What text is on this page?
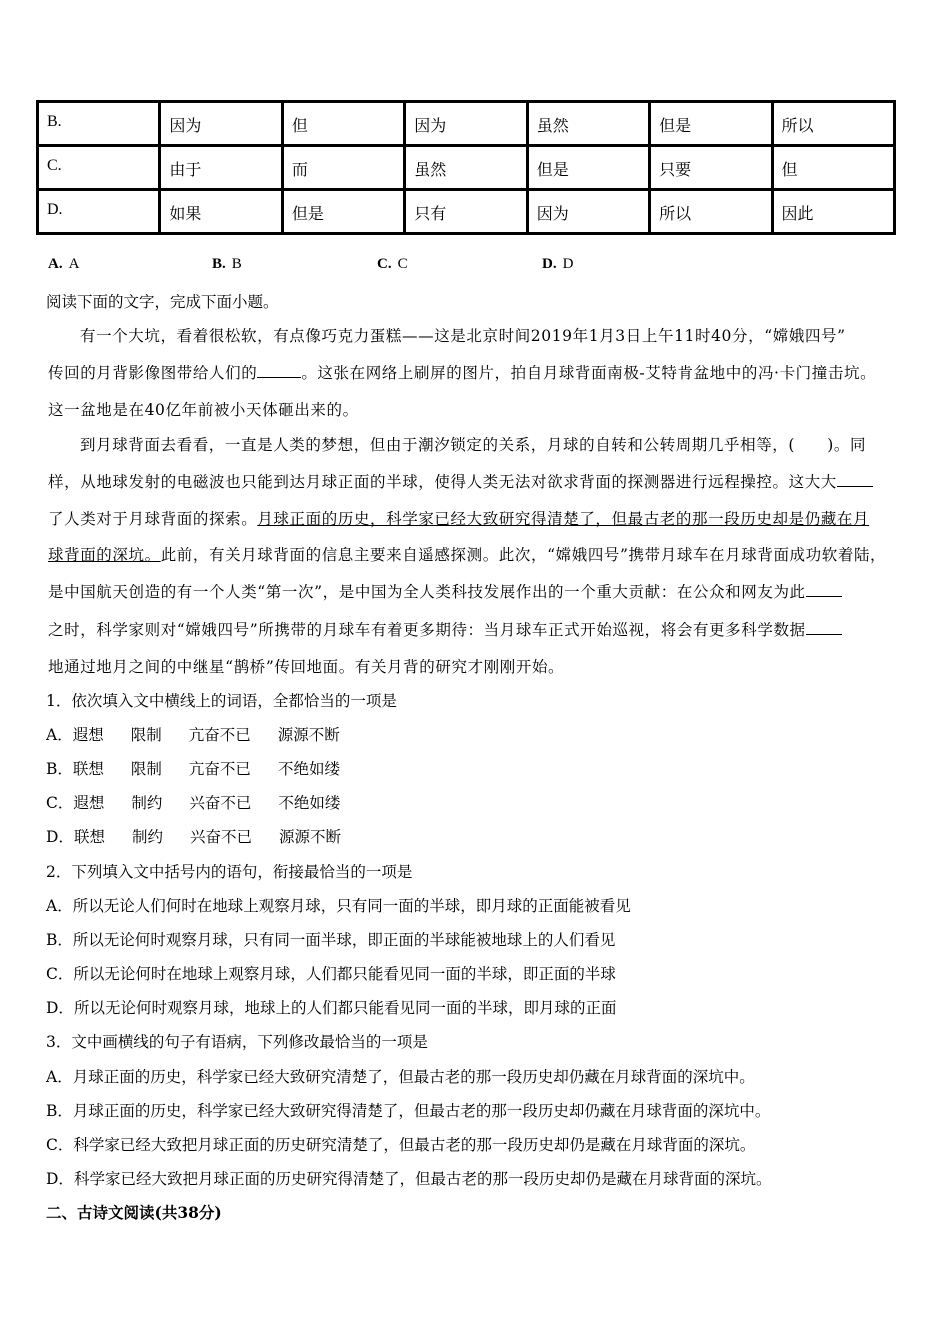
B.	因为	但	因为	虽然	但是	所以
C.	由于	而	虽然	但是	只要	但
D.	如果	但是	只有	因为	所以	因此
A. A	B. B	C. C	D. D
阅读下面的文字，完成下面小题。
有一个大坑，看着很松软，有点像巧克力蛋糕——这是北京时间2019年1月3日上午11时40分，“嫦娥四号”
传回的月背影像图带给人们的	。这张在网络上刷屏的图片，拍自月球背面南极-艾特肯盆地中的冯·卡门撞击坑。
这一盆地是在40亿年前被小天体砸出来的。
到月球背面去看看，一直是人类的梦想，但由于潮汐锁定的关系，月球的自转和公转周期几乎相等，(　　)。同
样，从地球发射的电磁波也只能到达月球正面的半球，使得人类无法对欲求背面的探测器进行远程操控。这大大
了人类对于月球背面的探索。月球正面的历史，科学家已经大致研究得清楚了，但最古老的那一段历史却是仍藏在月
球背面的深坑。此前，有关月球背面的信息主要来自遥感探测。此次，“嫦娥四号”携带月球车在月球背面成功软着陆，
是中国航天创造的有一个人类“第一次”，是中国为全人类科技发展作出的一个重大贡献：在公众和网友为此
之时，科学家则对“嫦娥四号”所携带的月球车有着更多期待：当月球车正式开始巡视，将会有更多科学数据
地通过地月之间的中继星“鹊桥”传回地面。有关月背的研究才刚刚开始。
1．依次填入文中横线上的词语，全都恰当的一项是
A．遐想 限制 亢奋不已 源源不断
B．联想 限制 亢奋不已 不绝如缕
C．遐想 制约 兴奋不已 不绝如缕
D．联想 制约 兴奋不已 源源不断
2．下列填入文中括号内的语句，衔接最恰当的一项是
A．所以无论人们何时在地球上观察月球，只有同一面的半球，即月球的正面能被看见
B．所以无论何时观察月球，只有同一面半球，即正面的半球能被地球上的人们看见
C．所以无论何时在地球上观察月球，人们都只能看见同一面的半球，即正面的半球
D．所以无论何时观察月球，地球上的人们都只能看见同一面的半球，即月球的正面
3．文中画横线的句子有语病，下列修改最恰当的一项是
A．月球正面的历史，科学家已经大致研究清楚了，但最古老的那一段历史却仍藏在月球背面的深坑中。
B．月球正面的历史，科学家已经大致研究得清楚了，但最古老的那一段历史却仍藏在月球背面的深坑中。
C．科学家已经大致把月球正面的历史研究清楚了，但最古老的那一段历史却仍是藏在月球背面的深坑。
D．科学家已经大致把月球正面的历史研究得清楚了，但最古老的那一段历史却仍是藏在月球背面的深坑。
二、古诗文阅读(共38分)
